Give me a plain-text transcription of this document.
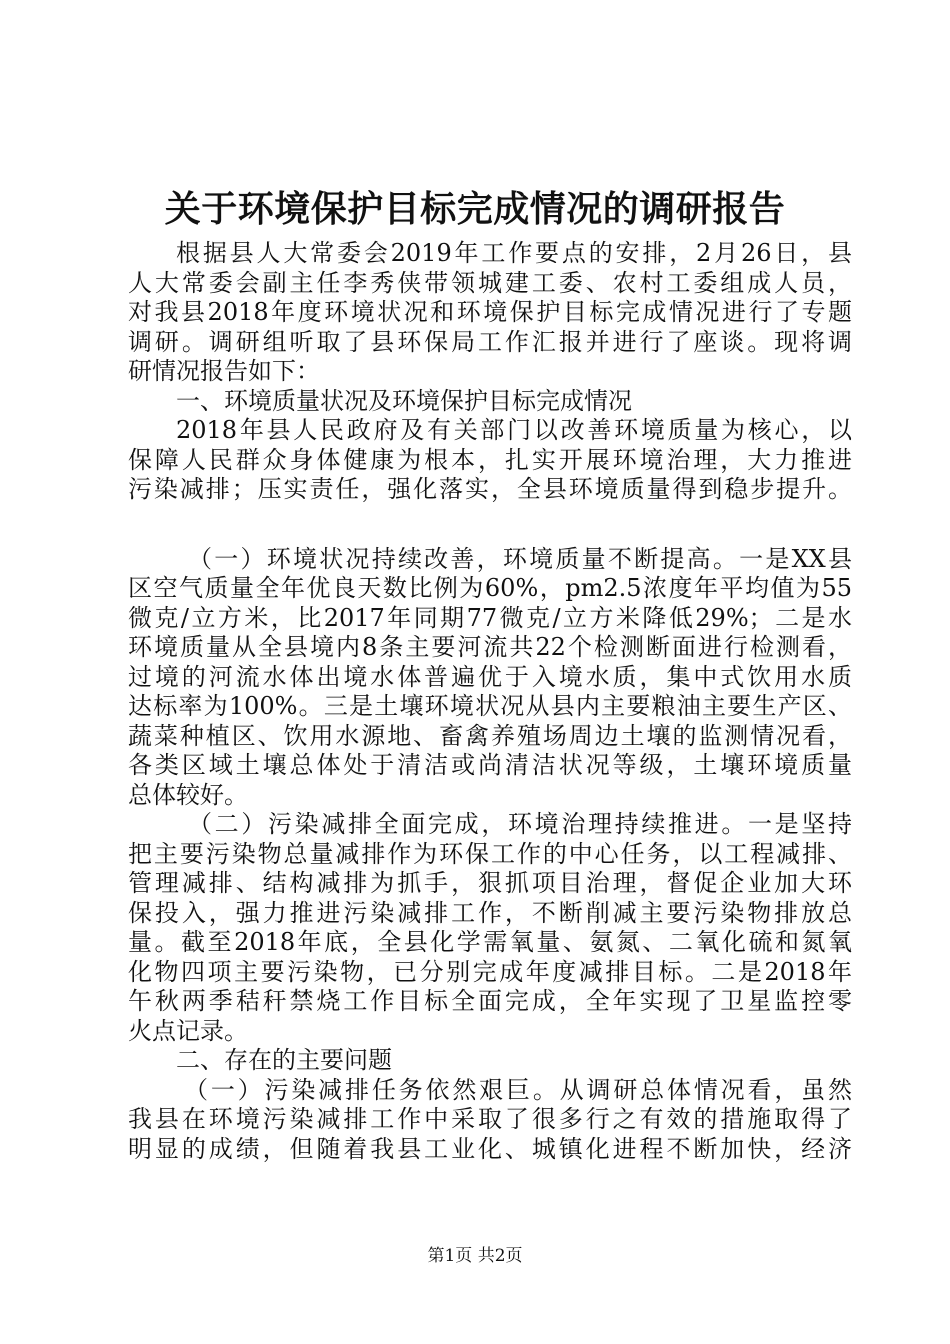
关于环境保护目标完成情况的调研报告
根据县人大常委会2019年工作要点的安排，2月26日，县
人大常委会副主任李秀侠带领城建工委、农村工委组成人员，
对我县2018年度环境状况和环境保护目标完成情况进行了专题
调研。调研组听取了县环保局工作汇报并进行了座谈。现将调
研情况报告如下：
一、环境质量状况及环境保护目标完成情况
2018年县人民政府及有关部门以改善环境质量为核心，以
保障人民群众身体健康为根本，扎实开展环境治理，大力推进
污染减排；压实责任，强化落实，全县环境质量得到稳步提升。
（一）环境状况持续改善，环境质量不断提高。一是XX县
区空气质量全年优良天数比例为60%，pm2.5浓度年平均值为55
微克/立方米，比2017年同期77微克/立方米降低29%；二是水
环境质量从全县境内8条主要河流共22个检测断面进行检测看，
过境的河流水体出境水体普遍优于入境水质，集中式饮用水质
达标率为100%。三是土壤环境状况从县内主要粮油主要生产区、
蔬菜种植区、饮用水源地、畜禽养殖场周边土壤的监测情况看，
各类区域土壤总体处于清洁或尚清洁状况等级，土壤环境质量
总体较好。
（二）污染减排全面完成，环境治理持续推进。一是坚持
把主要污染物总量减排作为环保工作的中心任务，以工程减排、
管理减排、结构减排为抓手，狠抓项目治理，督促企业加大环
保投入，强力推进污染减排工作，不断削减主要污染物排放总
量。截至2018年底，全县化学需氧量、氨氮、二氧化硫和氮氧
化物四项主要污染物，已分别完成年度减排目标。二是2018年
午秋两季秸秆禁烧工作目标全面完成，全年实现了卫星监控零
火点记录。
二、存在的主要问题
（一）污染减排任务依然艰巨。从调研总体情况看，虽然
我县在环境污染减排工作中采取了很多行之有效的措施取得了
明显的成绩，但随着我县工业化、城镇化进程不断加快，经济
第1页 共2页
